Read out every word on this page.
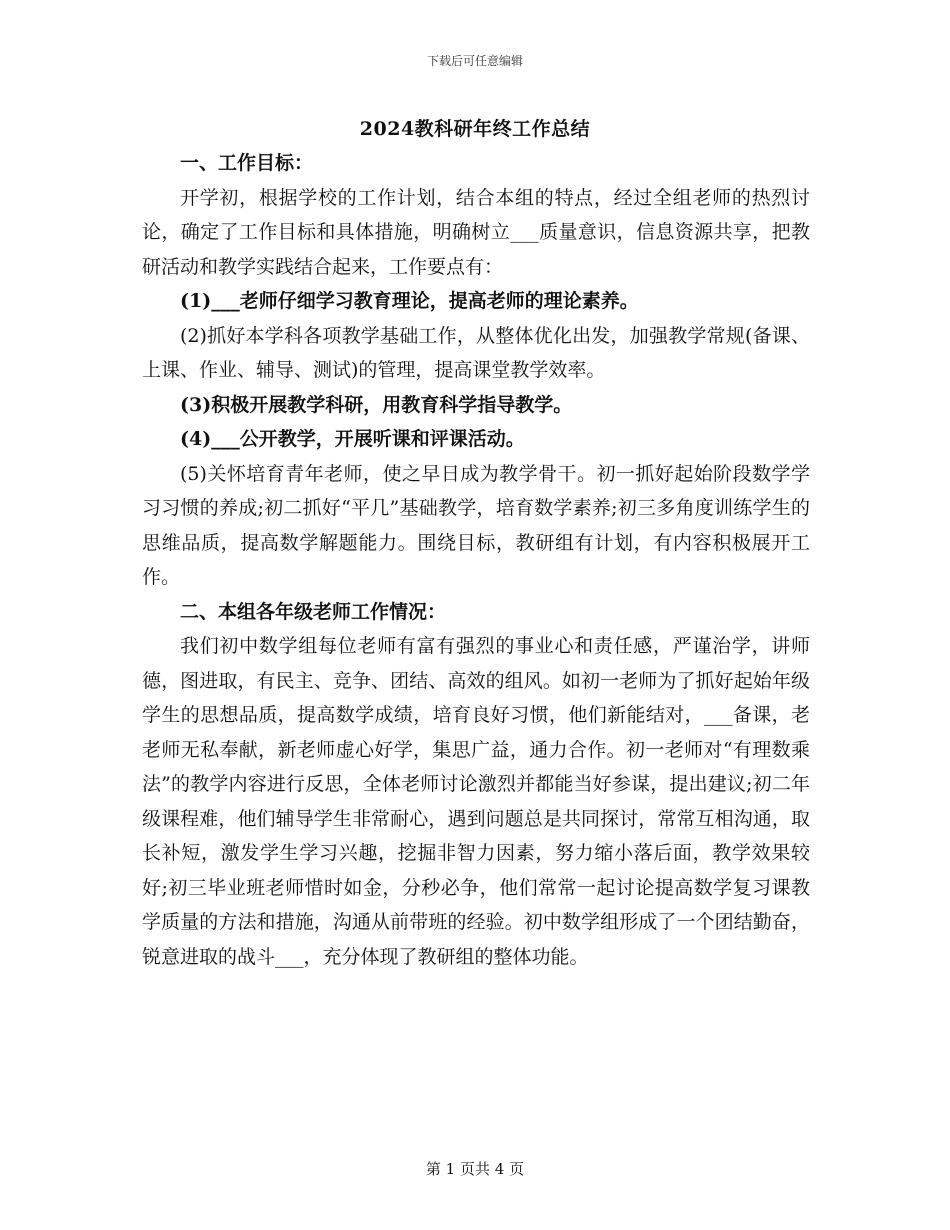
下载后可任意编辑
2024教科研年终工作总结

一、工作目标：

开学初，根据学校的工作计划，结合本组的特点，经过全组老师的热烈讨论，确定了工作目标和具体措施，明确树立___质量意识，信息资源共享，把教研活动和教学实践结合起来，工作要点有：

(1)___老师仔细学习教育理论，提高老师的理论素养。

(2)抓好本学科各项教学基础工作，从整体优化出发，加强教学常规(备课、上课、作业、辅导、测试)的管理，提高课堂教学效率。

(3)积极开展教学科研，用教育科学指导教学。

(4)___公开教学，开展听课和评课活动。

(5)关怀培育青年老师，使之早日成为教学骨干。初一抓好起始阶段数学学习习惯的养成;初二抓好“平几”基础教学，培育数学素养;初三多角度训练学生的思维品质，提高数学解题能力。围绕目标，教研组有计划，有内容积极展开工作。

二、本组各年级老师工作情况：

我们初中数学组每位老师有富有强烈的事业心和责任感，严谨治学，讲师德，图进取，有民主、竞争、团结、高效的组风。如初一老师为了抓好起始年级学生的思想品质，提高数学成绩，培育良好习惯，他们新能结对，___备课，老老师无私奉献，新老师虚心好学，集思广益，通力合作。初一老师对“有理数乘法”的教学内容进行反思，全体老师讨论激烈并都能当好参谋，提出建议;初二年级课程难，他们辅导学生非常耐心，遇到问题总是共同探讨，常常互相沟通，取长补短，激发学生学习兴趣，挖掘非智力因素，努力缩小落后面，教学效果较好;初三毕业班老师惜时如金，分秒必争，他们常常一起讨论提高数学复习课教学质量的方法和措施，沟通从前带班的经验。初中数学组形成了一个团结勤奋，锐意进取的战斗___，充分体现了教研组的整体功能。

第 1 页共 4 页
